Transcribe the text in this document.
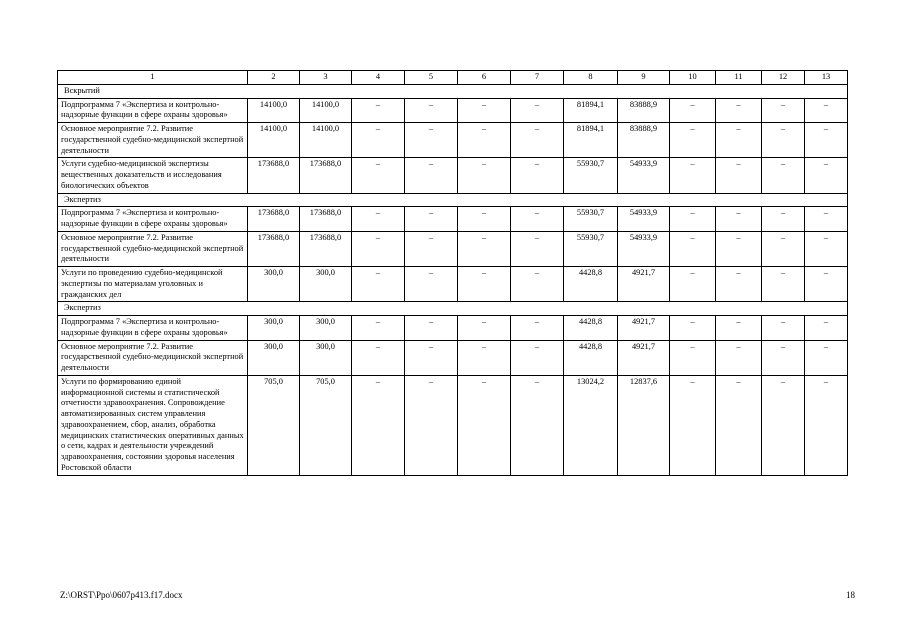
1	2	3	4	5	6	7	8	9	10	11	12	13
Вскрытий												
Подпрограмма 7 «Экспертиза и контрольно-надзорные функции в сфере охраны здоровья»	14100,0	14100,0	–	–	–	–	81894,1	83888,9	–	–	–	–
Основное мероприятие 7.2. Развитие государственной судебно-медицинской экспертной деятельности	14100,0	14100,0	–	–	–	–	81894,1	83888,9	–	–	–	–
Услуги судебно-медицинской экспертизы вещественных доказательств и исследования биологических объектов	173688,0	173688,0	–	–	–	–	55930,7	54933,9	–	–	–	–
Экспертиз												
Подпрограмма 7 «Экспертиза и контрольно-надзорные функции в сфере охраны здоровья»	173688,0	173688,0	–	–	–	–	55930,7	54933,9	–	–	–	–
Основное мероприятие 7.2. Развитие государственной судебно-медицинской экспертной деятельности	173688,0	173688,0	–	–	–	–	55930,7	54933,9	–	–	–	–
Услуги по проведению судебно-медицинской экспертизы по материалам уголовных и гражданских дел	300,0	300,0	–	–	–	–	4428,8	4921,7	–	–	–	–
Экспертиз												
Подпрограмма 7 «Экспертиза и контрольно-надзорные функции в сфере охраны здоровья»	300,0	300,0	–	–	–	–	4428,8	4921,7	–	–	–	–
Основное мероприятие 7.2. Развитие государственной судебно-медицинской экспертной деятельности	300,0	300,0	–	–	–	–	4428,8	4921,7	–	–	–	–
Услуги по формированию единой информационной системы и статистической отчетности здравоохранения. Сопровождение автоматизированных систем управления здравоохранением, сбор, анализ, обработка медицинских статистических оперативных данных о сети, кадрах и деятельности учреждений здравоохранения, состоянии здоровья населения Ростовской области	705,0	705,0	–	–	–	–	13024,2	12837,6	–	–	–	–
Z:\ORST\Ppo\0607p413.f17.docx	18
